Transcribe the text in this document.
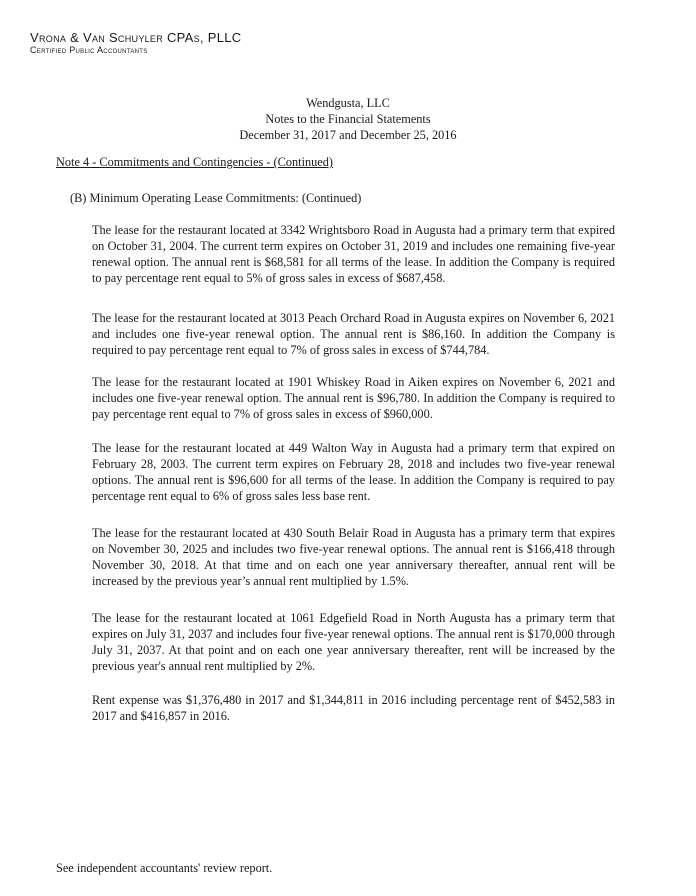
Vrona & Van Schuyler CPAs, PLLC
Certified Public Accountants
Wendgusta, LLC
Notes to the Financial Statements
December 31, 2017 and December 25, 2016
Note 4 - Commitments and Contingencies - (Continued)
(B) Minimum Operating Lease Commitments: (Continued)
The lease for the restaurant located at 3342 Wrightsboro Road in Augusta had a primary term that expired on October 31, 2004. The current term expires on October 31, 2019 and includes one remaining five-year renewal option. The annual rent is $68,581 for all terms of the lease. In addition the Company is required to pay percentage rent equal to 5% of gross sales in excess of $687,458.
The lease for the restaurant located at 3013 Peach Orchard Road in Augusta expires on November 6, 2021 and includes one five-year renewal option. The annual rent is $86,160. In addition the Company is required to pay percentage rent equal to 7% of gross sales in excess of $744,784.
The lease for the restaurant located at 1901 Whiskey Road in Aiken expires on November 6, 2021 and includes one five-year renewal option. The annual rent is $96,780. In addition the Company is required to pay percentage rent equal to 7% of gross sales in excess of $960,000.
The lease for the restaurant located at 449 Walton Way in Augusta had a primary term that expired on February 28, 2003. The current term expires on February 28, 2018 and includes two five-year renewal options. The annual rent is $96,600 for all terms of the lease. In addition the Company is required to pay percentage rent equal to 6% of gross sales less base rent.
The lease for the restaurant located at 430 South Belair Road in Augusta has a primary term that expires on November 30, 2025 and includes two five-year renewal options. The annual rent is $166,418 through November 30, 2018. At that time and on each one year anniversary thereafter, annual rent will be increased by the previous year’s annual rent multiplied by 1.5%.
The lease for the restaurant located at 1061 Edgefield Road in North Augusta has a primary term that expires on July 31, 2037 and includes four five-year renewal options. The annual rent is $170,000 through July 31, 2037. At that point and on each one year anniversary thereafter, rent will be increased by the previous year's annual rent multiplied by 2%.
Rent expense was $1,376,480 in 2017 and $1,344,811 in 2016 including percentage rent of $452,583 in 2017 and $416,857 in 2016.
See independent accountants' review report.
